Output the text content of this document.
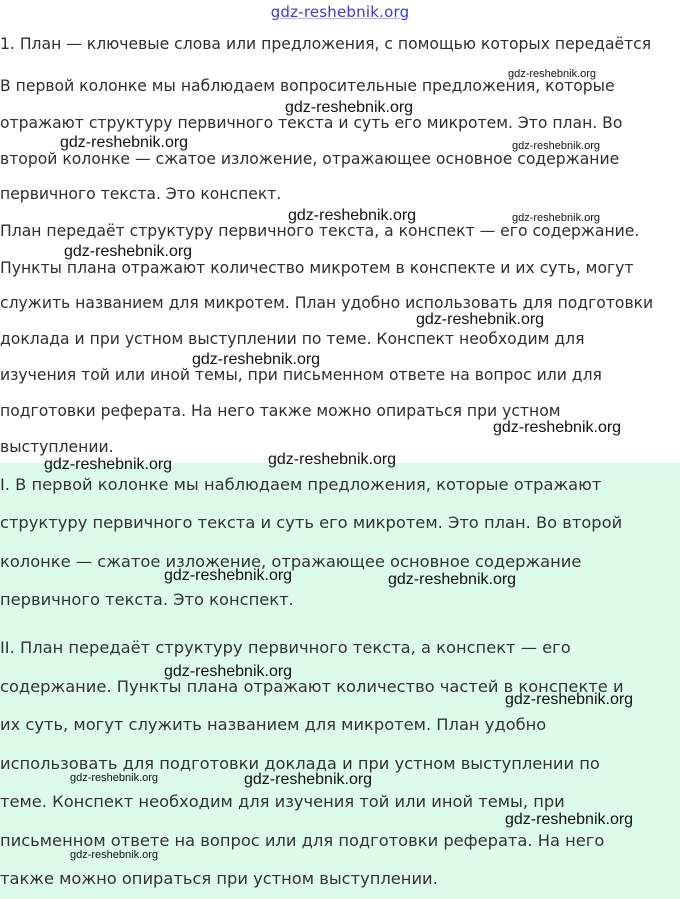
gdz-reshebnik.org
1. План — ключевые слова или предложения, с помощью которых передаётся
В первой колонке мы наблюдаем вопросительные предложения, которые
отражают структуру первичного текста и суть его микротем. Это план. Во
второй колонке — сжатое изложение, отражающее основное содержание
первичного текста. Это конспект.
План передаёт структуру первичного текста, а конспект — его содержание.
Пункты плана отражают количество микротем в конспекте и их суть, могут
служить названием для микротем. План удобно использовать для подготовки
доклада и при устном выступлении по теме. Конспект необходим для
изучения той или иной темы, при письменном ответе на вопрос или для
подготовки реферата. На него также можно опираться при устном
выступлении.
I. В первой колонке мы наблюдаем предложения, которые отражают
структуру первичного текста и суть его микротем. Это план. Во второй
колонке — сжатое изложение, отражающее основное содержание
первичного текста. Это конспект.
II. План передаёт структуру первичного текста, а конспект — его
содержание. Пункты плана отражают количество частей в конспекте и
их суть, могут служить названием для микротем. План удобно
использовать для подготовки доклада и при устном выступлении по
теме. Конспект необходим для изучения той или иной темы, при
письменном ответе на вопрос или для подготовки реферата. На него
также можно опираться при устном выступлении.
gdz-reshebnik.org
gdz-reshebnik.org
gdz-reshebnik.org	gdz-reshebnik.org
gdz-reshebnik.org	gdz-reshebnik.org
gdz-reshebnik.org
gdz-reshebnik.org
gdz-reshebnik.org
gdz-reshebnik.org
gdz-reshebnik.org
gdz-reshebnik.org
gdz-reshebnik.org	gdz-reshebnik.org
gdz-reshebnik.org
gdz-reshebnik.org
gdz-reshebnik.org	gdz-reshebnik.org
gdz-reshebnik.org
gdz-reshebnik.org
